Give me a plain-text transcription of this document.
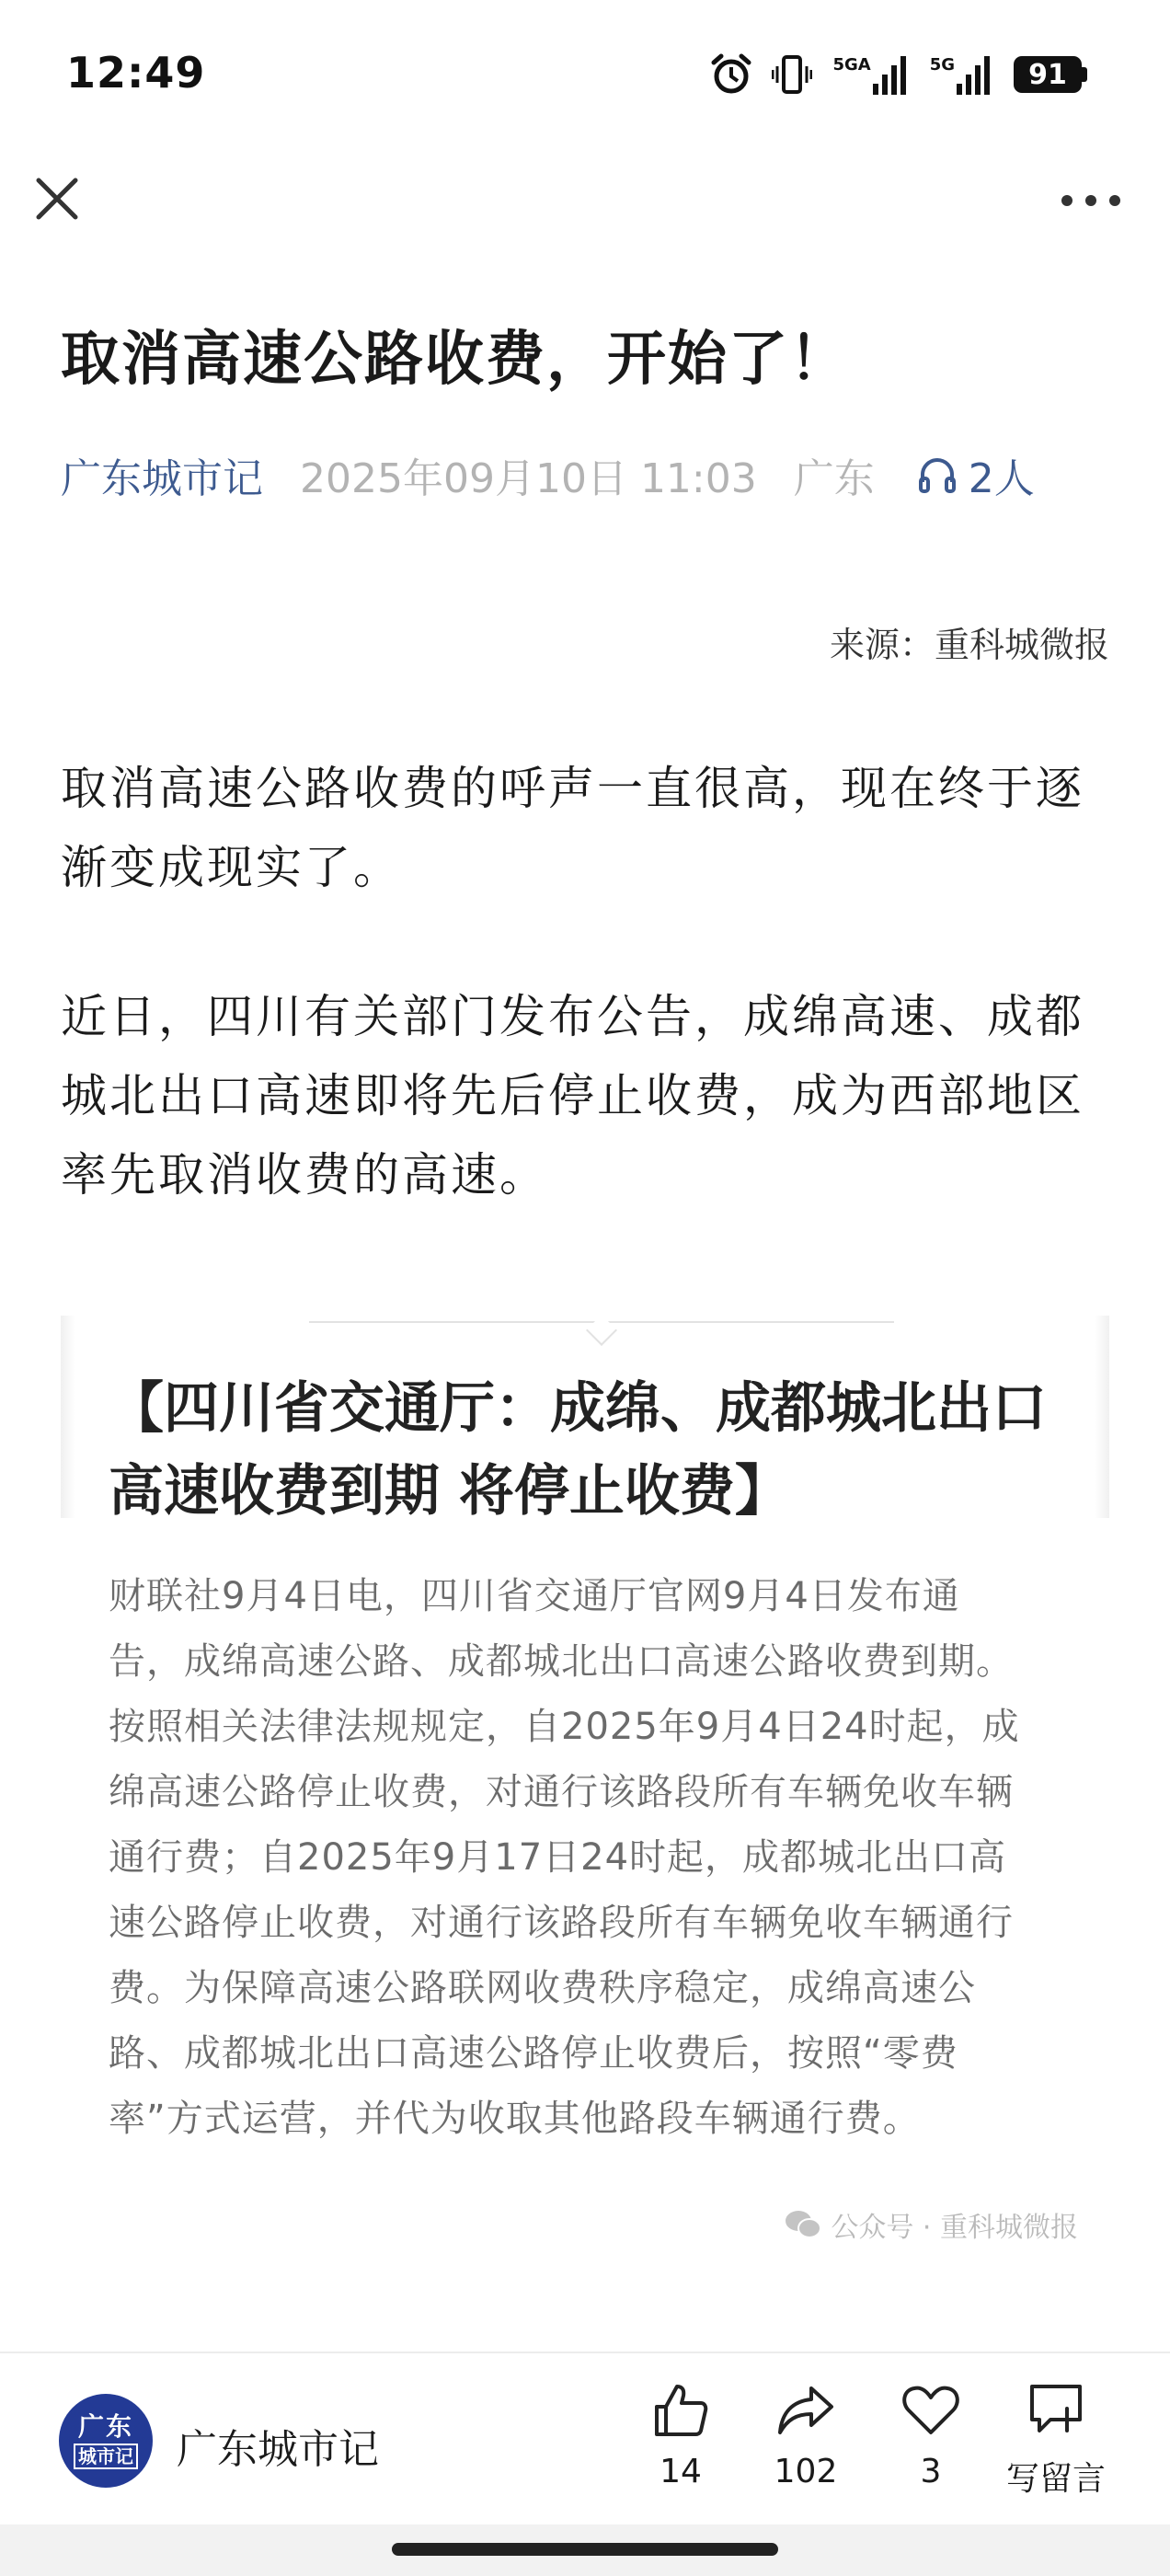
12:49	5GA	5G	91
取消高速公路收费，开始了！
广东城市记 2025年09月10日 11:03 广东 2人
来源：重科城微报

取消高速公路收费的呼声一直很高，现在终于逐渐变成现实了。

近日，四川有关部门发布公告，成绵高速、成都城北出口高速即将先后停止收费，成为西部地区率先取消收费的高速。

【四川省交通厅：成绵、成都城北出口高速收费到期 将停止收费】
财联社9月4日电，四川省交通厅官网9月4日发布通告，成绵高速公路、成都城北出口高速公路收费到期。按照相关法律法规规定，自2025年9月4日24时起，成绵高速公路停止收费，对通行该路段所有车辆免收车辆通行费；自2025年9月17日24时起，成都城北出口高速公路停止收费，对通行该路段所有车辆免收车辆通行费。为保障高速公路联网收费秩序稳定，成绵高速公路、成都城北出口高速公路停止收费后，按照“零费率”方式运营，并代为收取其他路段车辆通行费。
公众号 · 重科城微报
广东
城市记 广东城市记	14 102	3 写留言
